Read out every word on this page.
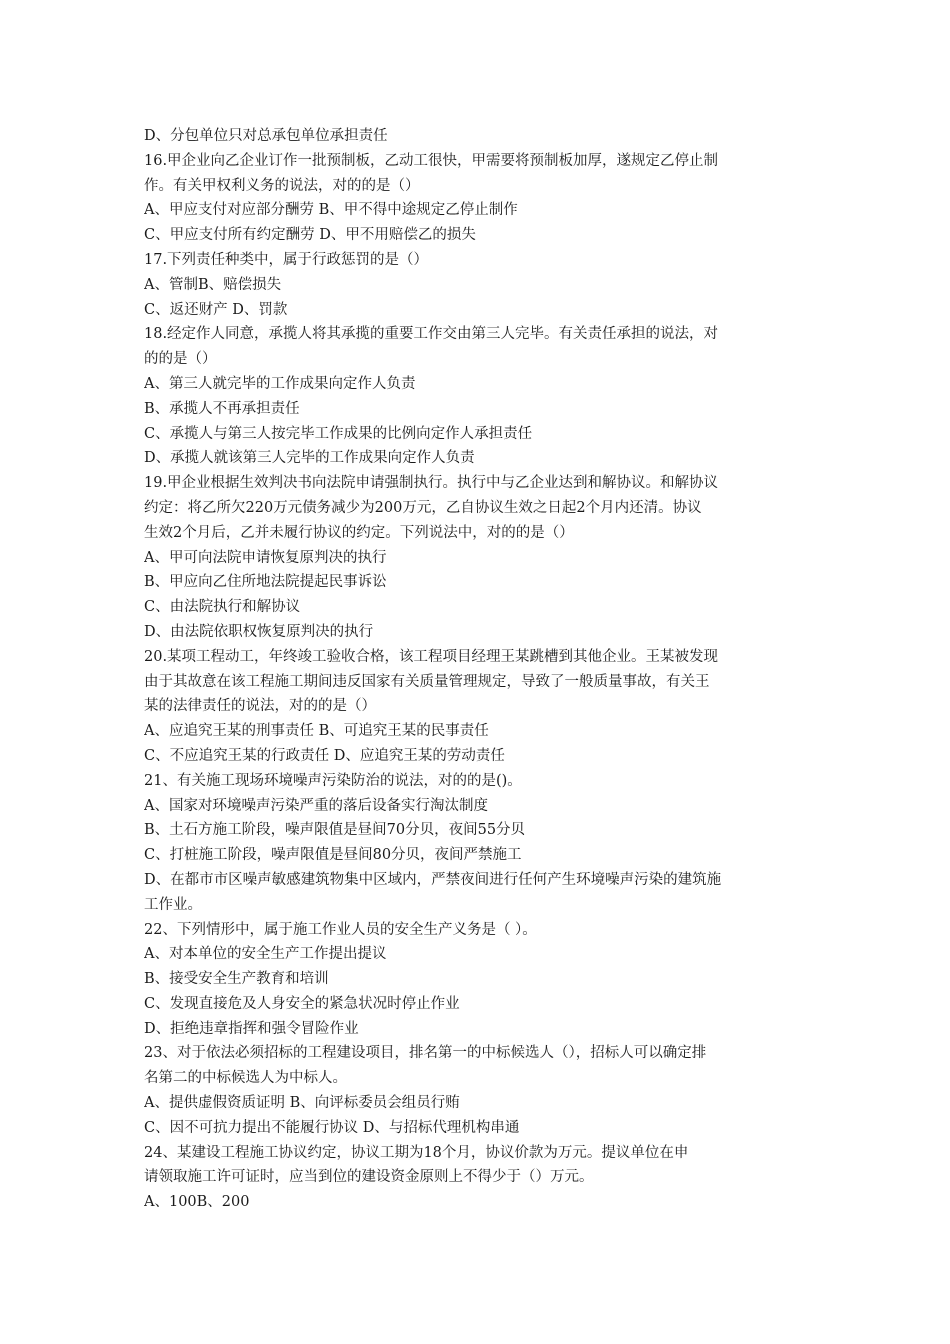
D、分包单位只对总承包单位承担责任
16.甲企业向乙企业订作一批预制板，乙动工很快，甲需要将预制板加厚，遂规定乙停止制
作。有关甲权利义务的说法，对的的是（）
A、甲应支付对应部分酬劳 B、甲不得中途规定乙停止制作
C、甲应支付所有约定酬劳 D、甲不用赔偿乙的损失
17.下列责任种类中，属于行政惩罚的是（）
A、管制B、赔偿损失
C、返还财产 D、罚款
18.经定作人同意，承揽人将其承揽的重要工作交由第三人完毕。有关责任承担的说法，对
的的是（）
A、第三人就完毕的工作成果向定作人负责
B、承揽人不再承担责任
C、承揽人与第三人按完毕工作成果的比例向定作人承担责任
D、承揽人就该第三人完毕的工作成果向定作人负责
19.甲企业根据生效判决书向法院申请强制执行。执行中与乙企业达到和解协议。和解协议
约定：将乙所欠220万元债务减少为200万元，乙自协议生效之日起2个月内还清。协议
生效2个月后，乙并未履行协议的约定。下列说法中，对的的是（）
A、甲可向法院申请恢复原判决的执行
B、甲应向乙住所地法院提起民事诉讼
C、由法院执行和解协议
D、由法院依职权恢复原判决的执行
20.某项工程动工，年终竣工验收合格，该工程项目经理王某跳槽到其他企业。王某被发现
由于其故意在该工程施工期间违反国家有关质量管理规定，导致了一般质量事故，有关王
某的法律责任的说法，对的的是（）
A、应追究王某的刑事责任 B、可追究王某的民事责任
C、不应追究王某的行政责任 D、应追究王某的劳动责任
21、有关施工现场环境噪声污染防治的说法，对的的是()。
A、国家对环境噪声污染严重的落后设备实行淘汰制度
B、土石方施工阶段，噪声限值是昼间70分贝，夜间55分贝
C、打桩施工阶段，噪声限值是昼间80分贝，夜间严禁施工
D、在都市市区噪声敏感建筑物集中区域内，严禁夜间进行任何产生环境噪声污染的建筑施
工作业。
22、下列情形中，属于施工作业人员的安全生产义务是（ ）。
A、对本单位的安全生产工作提出提议
B、接受安全生产教育和培训
C、发现直接危及人身安全的紧急状况时停止作业
D、拒绝违章指挥和强令冒险作业
23、对于依法必须招标的工程建设项目，排名第一的中标候选人（），招标人可以确定排
名第二的中标候选人为中标人。
A、提供虚假资质证明 B、向评标委员会组员行贿
C、因不可抗力提出不能履行协议 D、与招标代理机构串通
24、某建设工程施工协议约定，协议工期为18个月，协议价款为万元。提议单位在申
请领取施工许可证时，应当到位的建设资金原则上不得少于（）万元。
A、100B、200
